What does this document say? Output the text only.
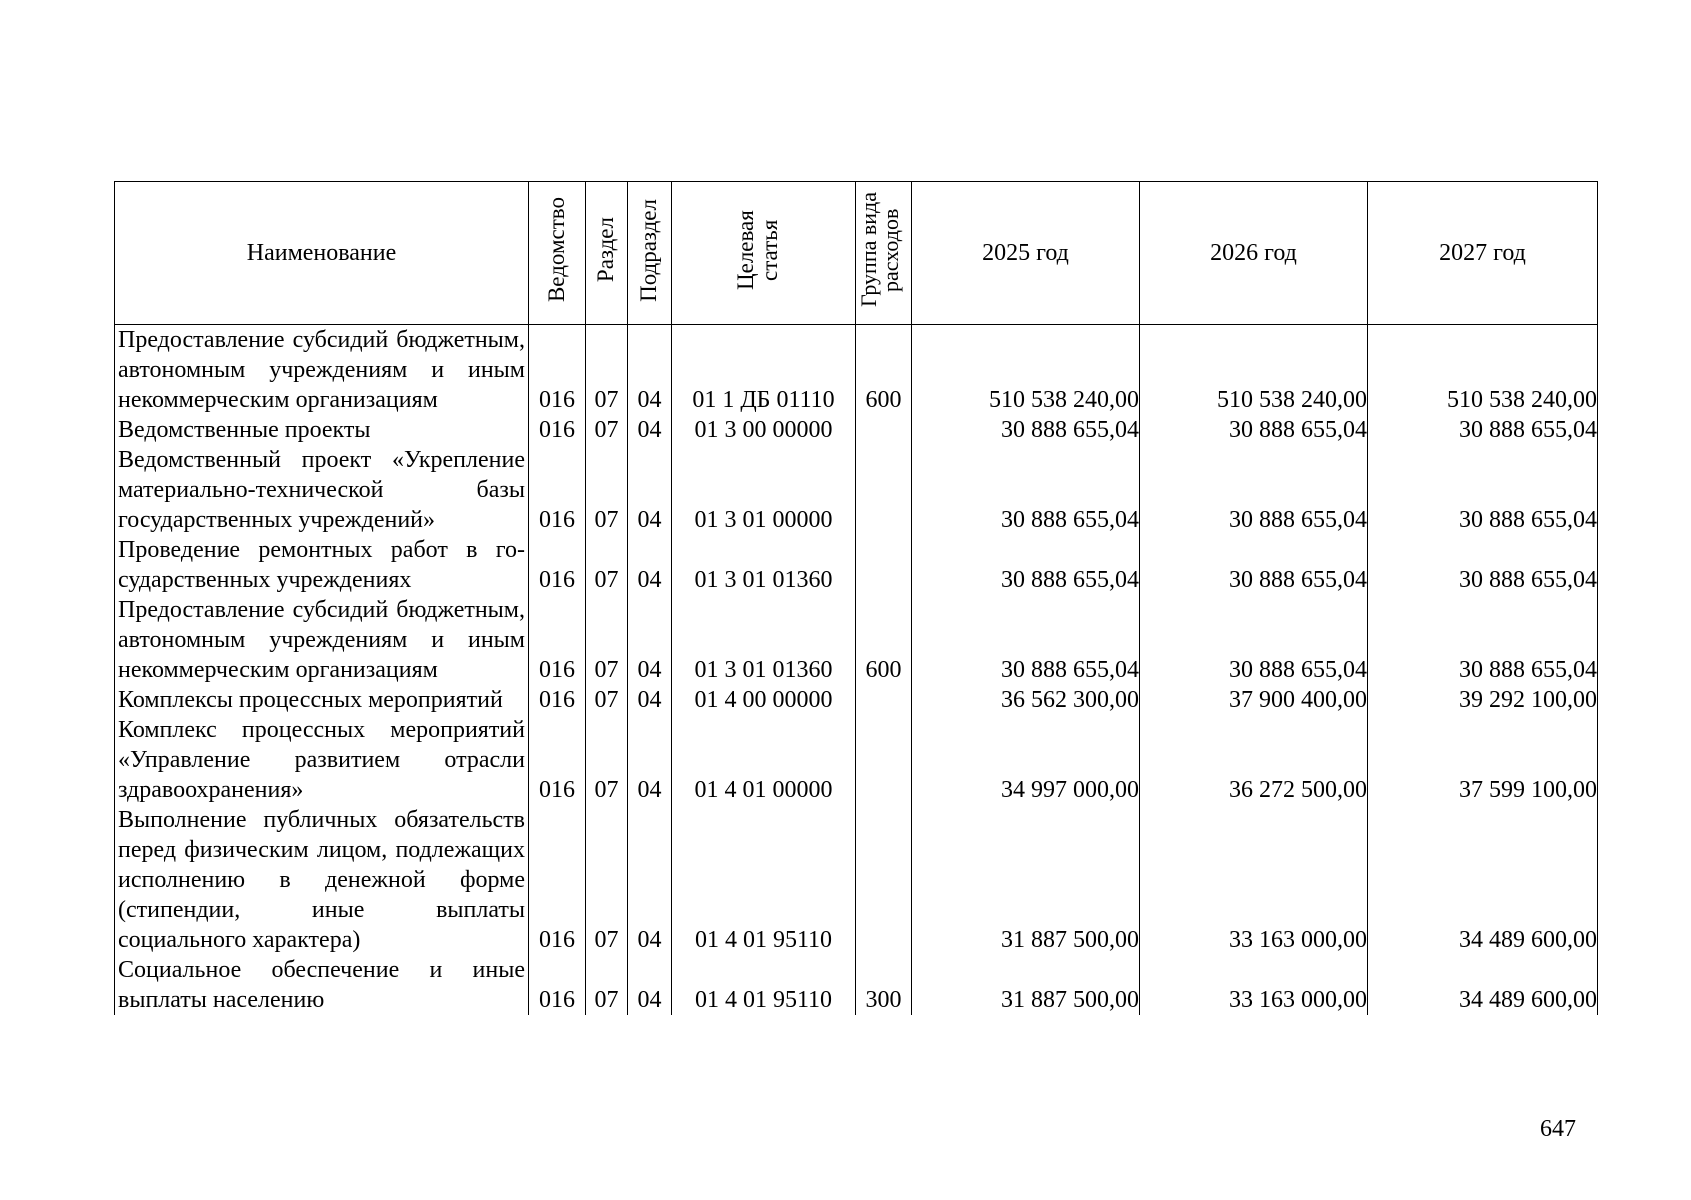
Наименование	Ведомство	Раздел	Подраздел	Целевая статья	Группа вида расходов	2025 год	2026 год	2027 год
Предоставление субсидий бюджетным, автономным учреждениям и иным некоммерческим организациям	016	07	04	01 1 ДБ 01110	600	510 538 240,00	510 538 240,00	510 538 240,00
Ведомственные проекты	016	07	04	01 3 00 00000		30 888 655,04	30 888 655,04	30 888 655,04
Ведомственный проект «Укрепление материально-технической базы государственных учреждений»	016	07	04	01 3 01 00000		30 888 655,04	30 888 655,04	30 888 655,04
Проведение ремонтных работ в государственных учреждениях	016	07	04	01 3 01 01360		30 888 655,04	30 888 655,04	30 888 655,04
Предоставление субсидий бюджетным, автономным учреждениям и иным некоммерческим организациям	016	07	04	01 3 01 01360	600	30 888 655,04	30 888 655,04	30 888 655,04
Комплексы процессных мероприятий	016	07	04	01 4 00 00000		36 562 300,00	37 900 400,00	39 292 100,00
Комплекс процессных мероприятий «Управление развитием отрасли здравоохранения»	016	07	04	01 4 01 00000		34 997 000,00	36 272 500,00	37 599 100,00
Выполнение публичных обязательств перед физическим лицом, подлежащих исполнению в денежной форме (стипендии, иные выплаты социального характера)	016	07	04	01 4 01 95110		31 887 500,00	33 163 000,00	34 489 600,00
Социальное обеспечение и иные выплаты населению	016	07	04	01 4 01 95110	300	31 887 500,00	33 163 000,00	34 489 600,00
647
